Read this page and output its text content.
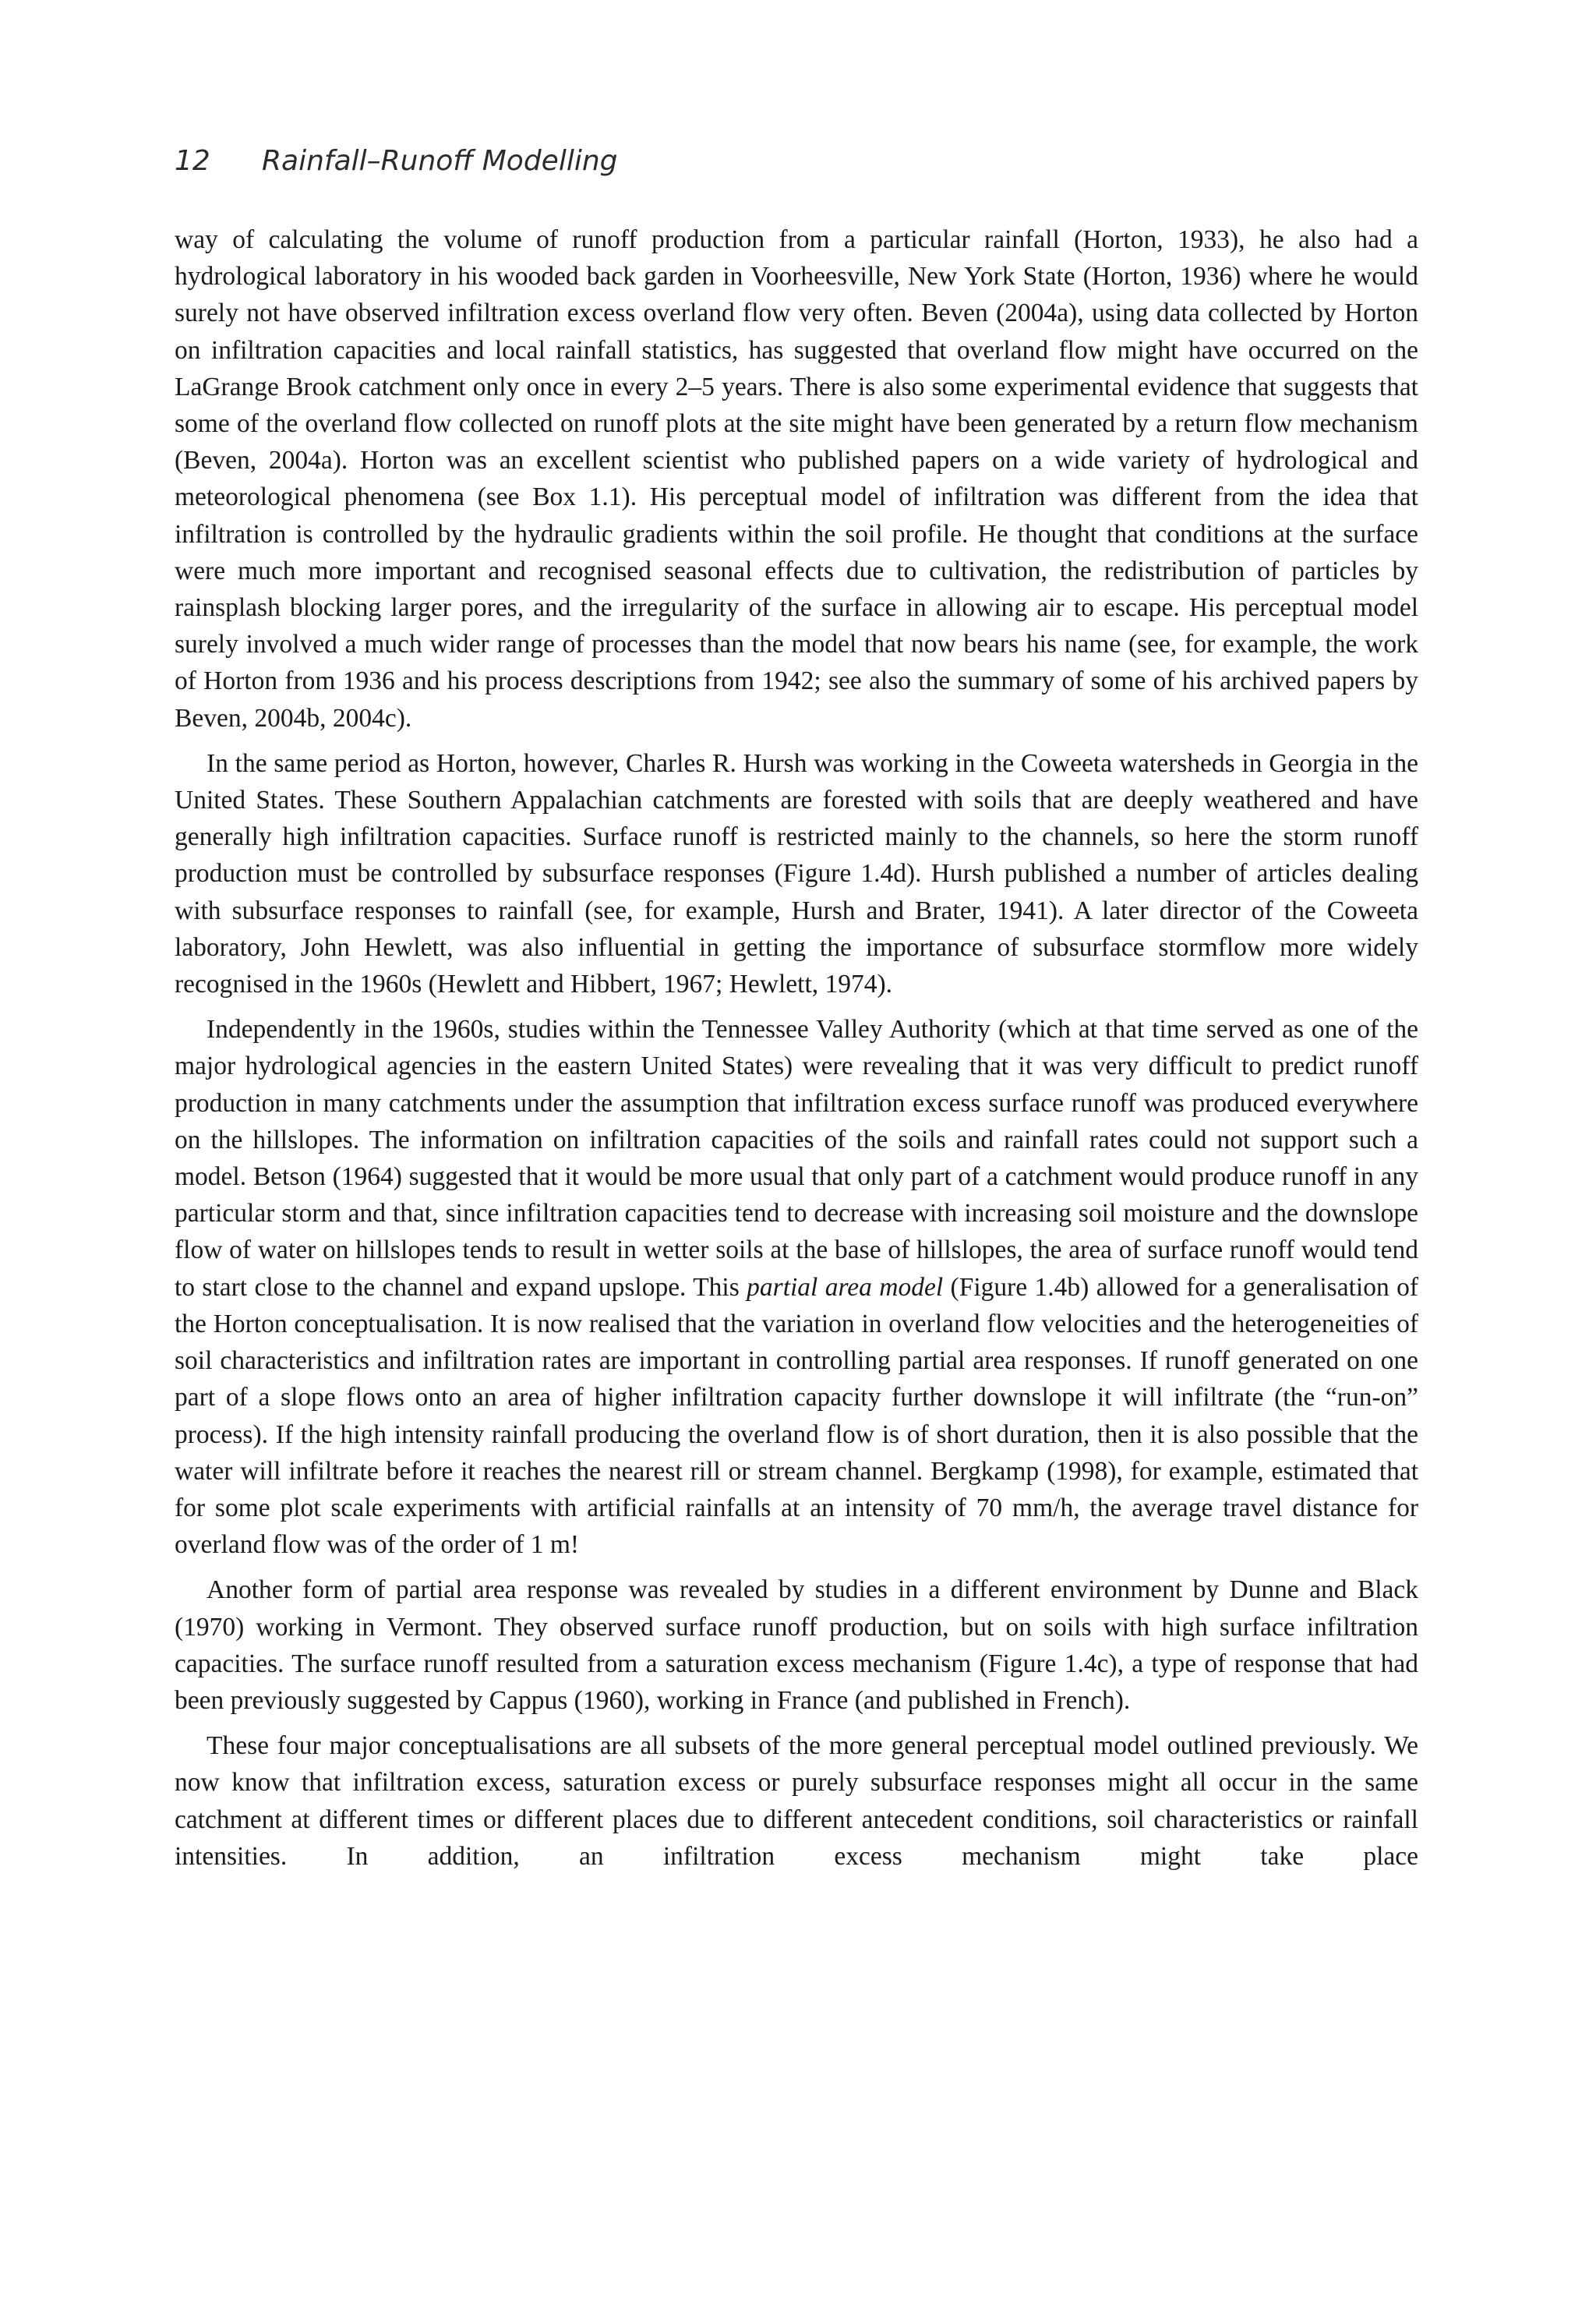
12 Rainfall–Runoff Modelling

way of calculating the volume of runoff production from a particular rainfall (Horton, 1933), he also had a hydrological laboratory in his wooded back garden in Voorheesville, New York State (Horton, 1936) where he would surely not have observed infiltration excess overland flow very often. Beven (2004a), using data collected by Horton on infiltration capacities and local rainfall statistics, has suggested that overland flow might have occurred on the LaGrange Brook catchment only once in every 2–5 years. There is also some experimental evidence that suggests that some of the overland flow collected on runoff plots at the site might have been generated by a return flow mechanism (Beven, 2004a). Horton was an excellent scientist who published papers on a wide variety of hydrological and meteorological phenomena (see Box 1.1). His perceptual model of infiltration was different from the idea that infiltration is controlled by the hydraulic gradients within the soil profile. He thought that conditions at the surface were much more important and recognised seasonal effects due to cultivation, the redistribution of particles by rainsplash blocking larger pores, and the irregularity of the surface in allowing air to escape. His perceptual model surely involved a much wider range of processes than the model that now bears his name (see, for example, the work of Horton from 1936 and his process descriptions from 1942; see also the summary of some of his archived papers by Beven, 2004b, 2004c).

In the same period as Horton, however, Charles R. Hursh was working in the Coweeta watersheds in Georgia in the United States. These Southern Appalachian catchments are forested with soils that are deeply weathered and have generally high infiltration capacities. Surface runoff is restricted mainly to the channels, so here the storm runoff production must be controlled by subsurface responses (Figure 1.4d). Hursh published a number of articles dealing with subsurface responses to rainfall (see, for example, Hursh and Brater, 1941). A later director of the Coweeta laboratory, John Hewlett, was also influential in getting the importance of subsurface stormflow more widely recognised in the 1960s (Hewlett and Hibbert, 1967; Hewlett, 1974).

Independently in the 1960s, studies within the Tennessee Valley Authority (which at that time served as one of the major hydrological agencies in the eastern United States) were revealing that it was very difficult to predict runoff production in many catchments under the assumption that infiltration excess surface runoff was produced everywhere on the hillslopes. The information on infiltration capacities of the soils and rainfall rates could not support such a model. Betson (1964) suggested that it would be more usual that only part of a catchment would produce runoff in any particular storm and that, since infiltration capacities tend to decrease with increasing soil moisture and the downslope flow of water on hillslopes tends to result in wetter soils at the base of hillslopes, the area of surface runoff would tend to start close to the channel and expand upslope. This partial area model (Figure 1.4b) allowed for a generalisation of the Horton conceptualisation. It is now realised that the variation in overland flow velocities and the heterogeneities of soil characteristics and infiltration rates are important in controlling partial area responses. If runoff generated on one part of a slope flows onto an area of higher infiltration capacity further downslope it will infiltrate (the “run-on” process). If the high intensity rainfall producing the overland flow is of short duration, then it is also possible that the water will infiltrate before it reaches the nearest rill or stream channel. Bergkamp (1998), for example, estimated that for some plot scale experiments with artificial rainfalls at an intensity of 70 mm/h, the average travel distance for overland flow was of the order of 1 m!

Another form of partial area response was revealed by studies in a different environment by Dunne and Black (1970) working in Vermont. They observed surface runoff production, but on soils with high surface infiltration capacities. The surface runoff resulted from a saturation excess mechanism (Figure 1.4c), a type of response that had been previously suggested by Cappus (1960), working in France (and published in French).

These four major conceptualisations are all subsets of the more general perceptual model outlined previously. We now know that infiltration excess, saturation excess or purely subsurface responses might all occur in the same catchment at different times or different places due to different antecedent conditions, soil characteristics or rainfall intensities. In addition, an infiltration excess mechanism might take place
